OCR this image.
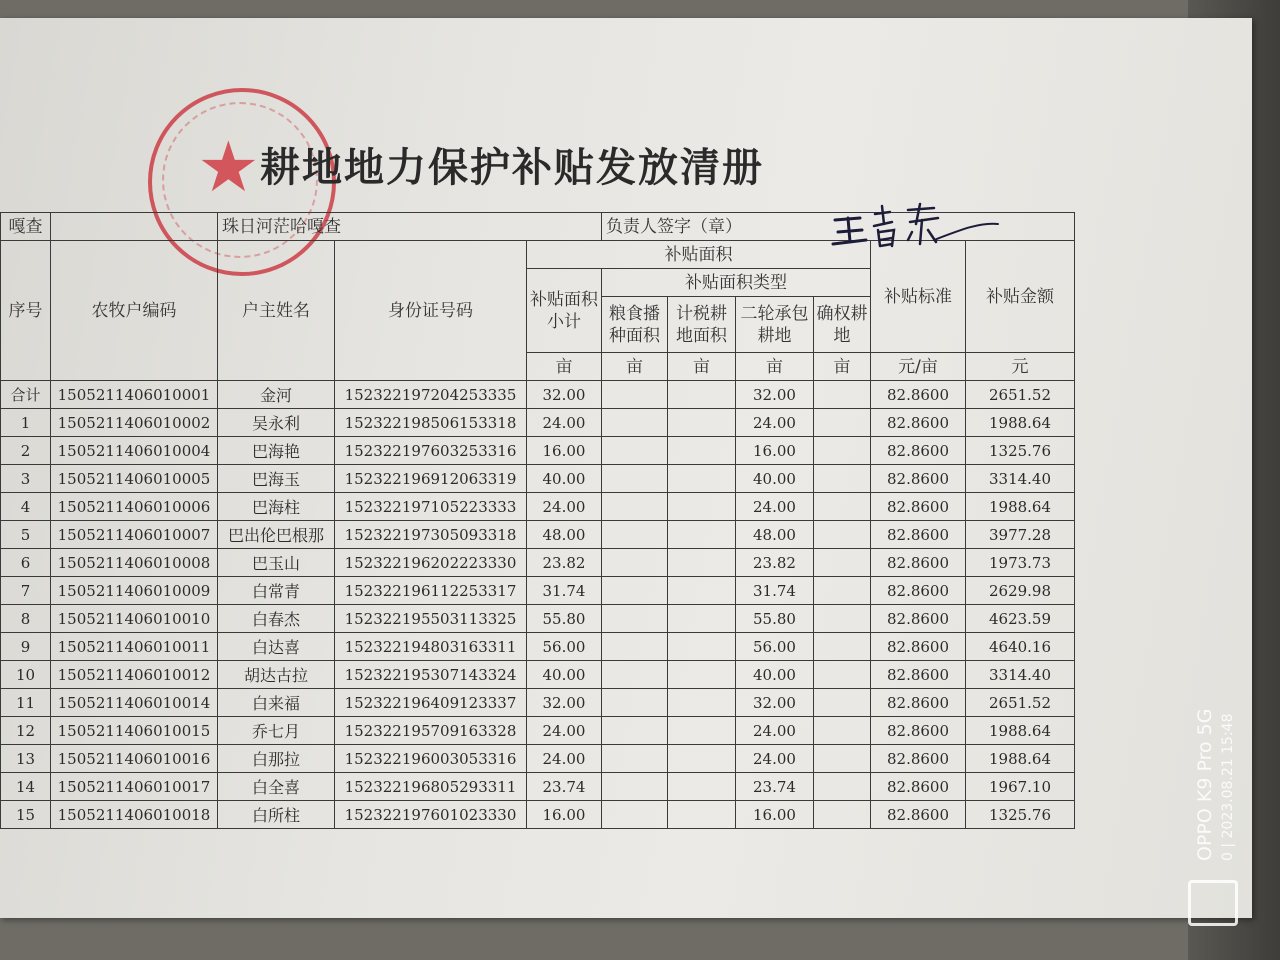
★ 耕地地力保护补贴发放清册
嘎查		珠日河茫哈嘎查			负责人签字（章）					
序号	农牧户编码	户主姓名	身份证号码	补贴面积					补贴标准	补贴金额
				补贴面积小计	补贴面积类型					
					粮食播种面积	计税耕地面积	二轮承包耕地	确权耕地		
				亩	亩	亩	亩	亩	元/亩	元
合计	1505211406010001	金河	152322197204253335	32.00			32.00		82.8600	2651.52
1	1505211406010002	吴永利	152322198506153318	24.00			24.00		82.8600	1988.64
2	1505211406010004	巴海艳	152322197603253316	16.00			16.00		82.8600	1325.76
3	1505211406010005	巴海玉	152322196912063319	40.00			40.00		82.8600	3314.40
4	1505211406010006	巴海柱	152322197105223333	24.00			24.00		82.8600	1988.64
5	1505211406010007	巴出伦巴根那	152322197305093318	48.00			48.00		82.8600	3977.28
6	1505211406010008	巴玉山	152322196202223330	23.82			23.82		82.8600	1973.73
7	1505211406010009	白常青	152322196112253317	31.74			31.74		82.8600	2629.98
8	1505211406010010	白春杰	152322195503113325	55.80			55.80		82.8600	4623.59
9	1505211406010011	白达喜	152322194803163311	56.00			56.00		82.8600	4640.16
10	1505211406010012	胡达古拉	152322195307143324	40.00			40.00		82.8600	3314.40
11	1505211406010014	白来福	152322196409123337	32.00			32.00		82.8600	2651.52
12	1505211406010015	乔七月	152322195709163328	24.00			24.00		82.8600	1988.64
13	1505211406010016	白那拉	152322196003053316	24.00			24.00		82.8600	1988.64
14	1505211406010017	白全喜	152322196805293311	23.74			23.74		82.8600	1967.10
15	1505211406010018	白所柱	152322197601023330	16.00			16.00		82.8600	1325.76	OPPO K9 Pro 5G 0 | 2023.08.21 15:48
